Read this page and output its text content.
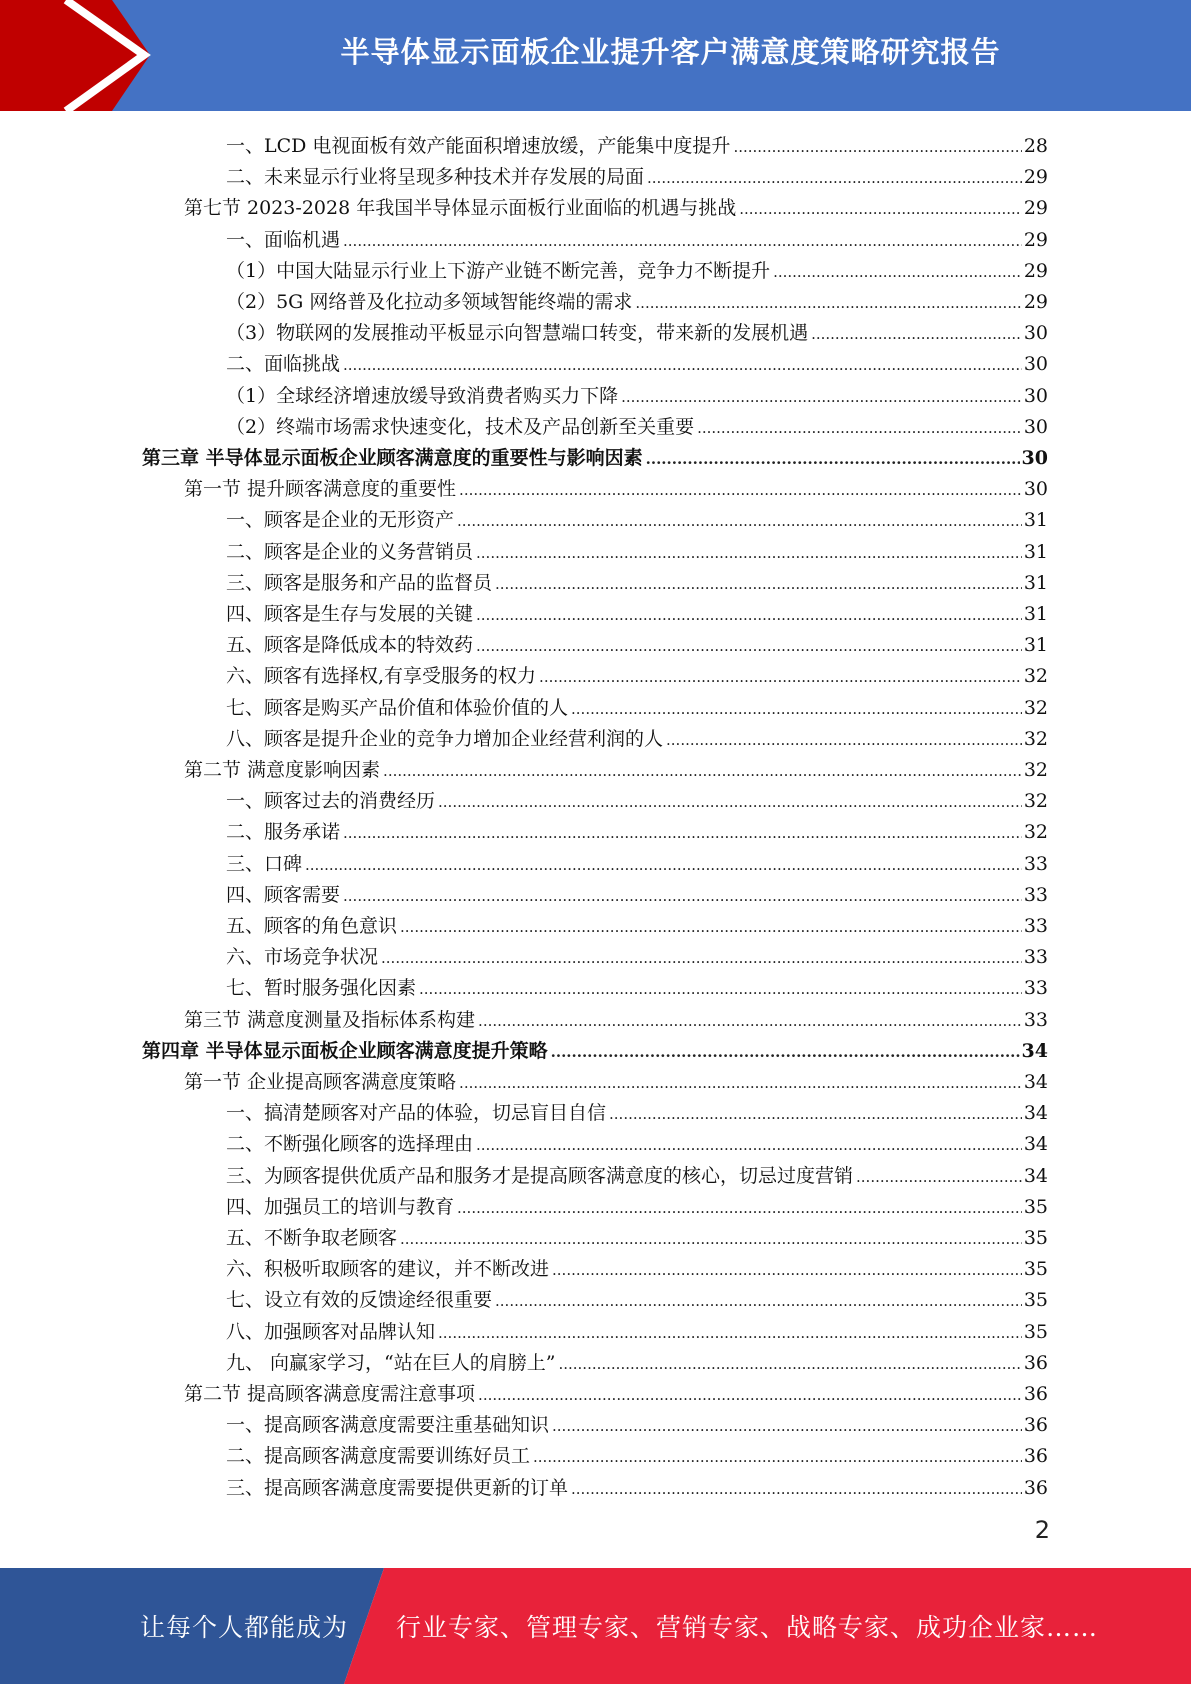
半导体显示面板企业提升客户满意度策略研究报告
一、LCD 电视面板有效产能面积增速放缓，产能集中度提升 .....	28
二、未来显示行业将呈现多种技术并存发展的局面 .....	29
第七节 2023-2028 年我国半导体显示面板行业面临的机遇与挑战 .....	29
一、面临机遇 .....	29
（1）中国大陆显示行业上下游产业链不断完善，竞争力不断提升 .....	29
（2）5G 网络普及化拉动多领域智能终端的需求 .....	29
（3）物联网的发展推动平板显示向智慧端口转变，带来新的发展机遇 .....	30
二、面临挑战 .....	30
（1）全球经济增速放缓导致消费者购买力下降 .....	30
（2）终端市场需求快速变化，技术及产品创新至关重要 .....	30
第三章 半导体显示面板企业顾客满意度的重要性与影响因素 .....	30
第一节 提升顾客满意度的重要性 .....	30
一、顾客是企业的无形资产 .....	31
二、顾客是企业的义务营销员 .....	31
三、顾客是服务和产品的监督员 .....	31
四、顾客是生存与发展的关键 .....	31
五、顾客是降低成本的特效药 .....	31
六、顾客有选择权,有享受服务的权力 .....	32
七、顾客是购买产品价值和体验价值的人 .....	32
八、顾客是提升企业的竞争力增加企业经营利润的人 .....	32
第二节 满意度影响因素 .....	32
一、顾客过去的消费经历 .....	32
二、服务承诺 .....	32
三、口碑 .....	33
四、顾客需要 .....	33
五、顾客的角色意识 .....	33
六、市场竞争状况 .....	33
七、暂时服务强化因素 .....	33
第三节 满意度测量及指标体系构建 .....	33
第四章 半导体显示面板企业顾客满意度提升策略 .....	34
第一节 企业提高顾客满意度策略 .....	34
一、搞清楚顾客对产品的体验，切忌盲目自信 .....	34
二、不断强化顾客的选择理由 .....	34
三、为顾客提供优质产品和服务才是提高顾客满意度的核心，切忌过度营销 .....	34
四、加强员工的培训与教育 .....	35
五、不断争取老顾客 .....	35
六、积极听取顾客的建议，并不断改进 .....	35
七、设立有效的反馈途经很重要 .....	35
八、加强顾客对品牌认知 .....	35
九、 向赢家学习，“站在巨人的肩膀上” .....	36
第二节 提高顾客满意度需注意事项 .....	36
一、提高顾客满意度需要注重基础知识 .....	36
二、提高顾客满意度需要训练好员工 .....	36
三、提高顾客满意度需要提供更新的订单 .....	36
2
让每个人都能成为 行业专家、管理专家、营销专家、战略专家、成功企业家……
